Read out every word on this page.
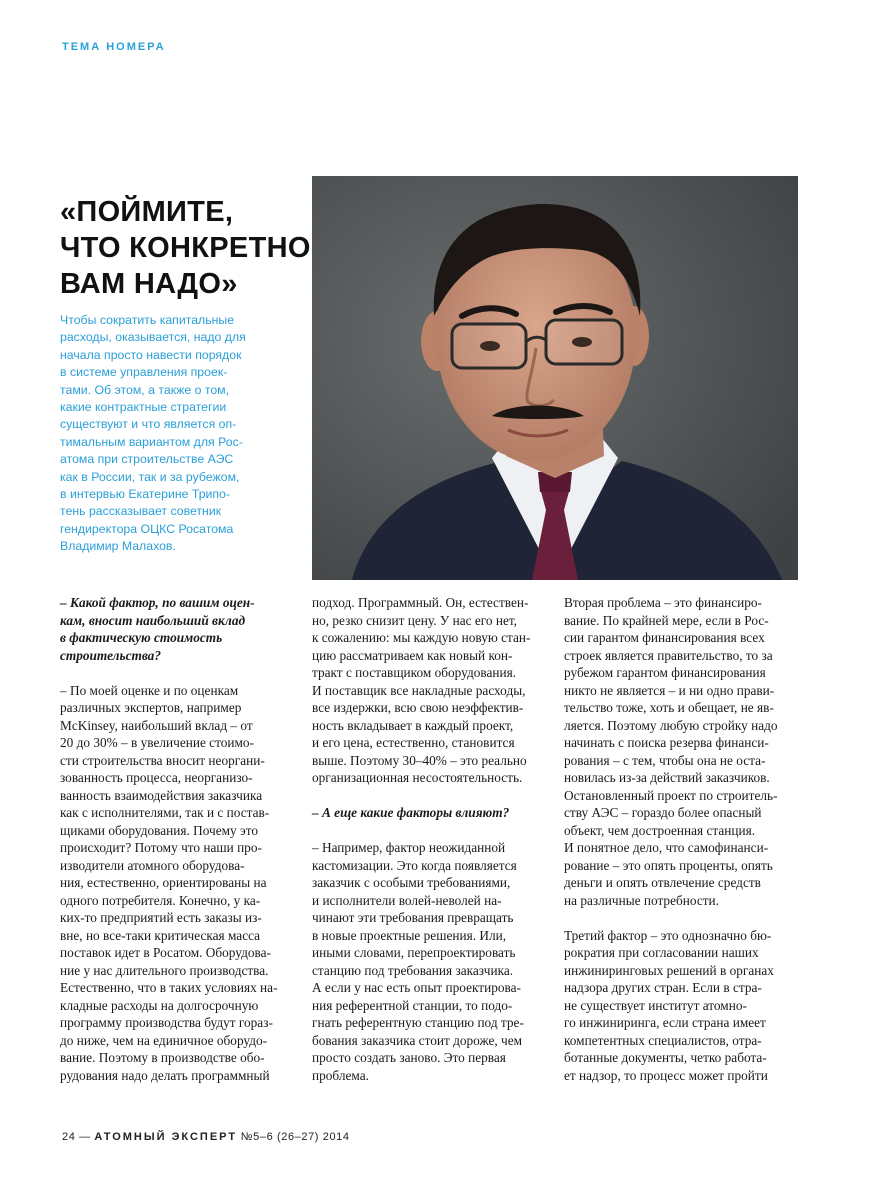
ТЕМА НОМЕРА
«ПОЙМИТЕ,
ЧТО КОНКРЕТНО
ВАМ НАДО»
Чтобы сократить капитальные
расходы, оказывается, надо для
начала просто навести порядок
в системе управления проек-
тами. Об этом, а также о том,
какие контрактные стратегии
существуют и что является оп-
тимальным вариантом для Рос-
атома при строительстве АЭС
как в России, так и за рубежом,
в интервью Екатерине Трипо-
тень рассказывает советник
гендиректора ОЦКС Росатома
Владимир Малахов.
– Какой фактор, по вашим оцен-
кам, вносит наибольший вклад
в фактическую стоимость
строительства?
– По моей оценке и по оценкам
различных экспертов, например
McKinsey, наибольший вклад – от
20 до 30% – в увеличение стоимо-
сти строительства вносит неоргани-
зованность процесса, неорганизо-
ванность взаимодействия заказчика
как с исполнителями, так и с постав-
щиками оборудования. Почему это
происходит? Потому что наши про-
изводители атомного оборудова-
ния, естественно, ориентированы на
одного потребителя. Конечно, у ка-
ких-то предприятий есть заказы из-
вне, но все-таки критическая масса
поставок идет в Росатом. Оборудова-
ние у нас длительного производства.
Естественно, что в таких условиях на-
кладные расходы на долгосрочную
программу производства будут гораз-
до ниже, чем на единичное оборудо-
вание. Поэтому в производстве обо-
рудования надо делать программный
подход. Программный. Он, естествен-
но, резко снизит цену. У нас его нет,
к сожалению: мы каждую новую стан-
цию рассматриваем как новый кон-
тракт с поставщиком оборудования.
И поставщик все накладные расходы,
все издержки, всю свою неэффектив-
ность вкладывает в каждый проект,
и его цена, естественно, становится
выше. Поэтому 30–40% – это реально
организационная несостоятельность.
– А еще какие факторы влияют?
– Например, фактор неожиданной
кастомизации. Это когда появляется
заказчик с особыми требованиями,
и исполнители волей-неволей на-
чинают эти требования превращать
в новые проектные решения. Или,
иными словами, перепроектировать
станцию под требования заказчика.
А если у нас есть опыт проектирова-
ния референтной станции, то подо-
гнать референтную станцию под тре-
бования заказчика стоит дороже, чем
просто создать заново. Это первая
проблема.
Вторая проблема – это финансиро-
вание. По крайней мере, если в Рос-
сии гарантом финансирования всех
строек является правительство, то за
рубежом гарантом финансирования
никто не является – и ни одно прави-
тельство тоже, хоть и обещает, не яв-
ляется. Поэтому любую стройку надо
начинать с поиска резерва финанси-
рования – с тем, чтобы она не оста-
новилась из-за действий заказчиков.
Остановленный проект по строитель-
ству АЭС – гораздо более опасный
объект, чем достроенная станция.
И понятное дело, что самофинанси-
рование – это опять проценты, опять
деньги и опять отвлечение средств
на различные потребности.
Третий фактор – это однозначно бю-
рократия при согласовании наших
инжиниринговых решений в органах
надзора других стран. Если в стра-
не существует институт атомно-
го инжиниринга, если страна имеет
компетентных специалистов, отра-
ботанные документы, четко работа-
ет надзор, то процесс может пройти
24 — АТОМНЫЙ ЭКСПЕРТ №5–6 (26–27) 2014
